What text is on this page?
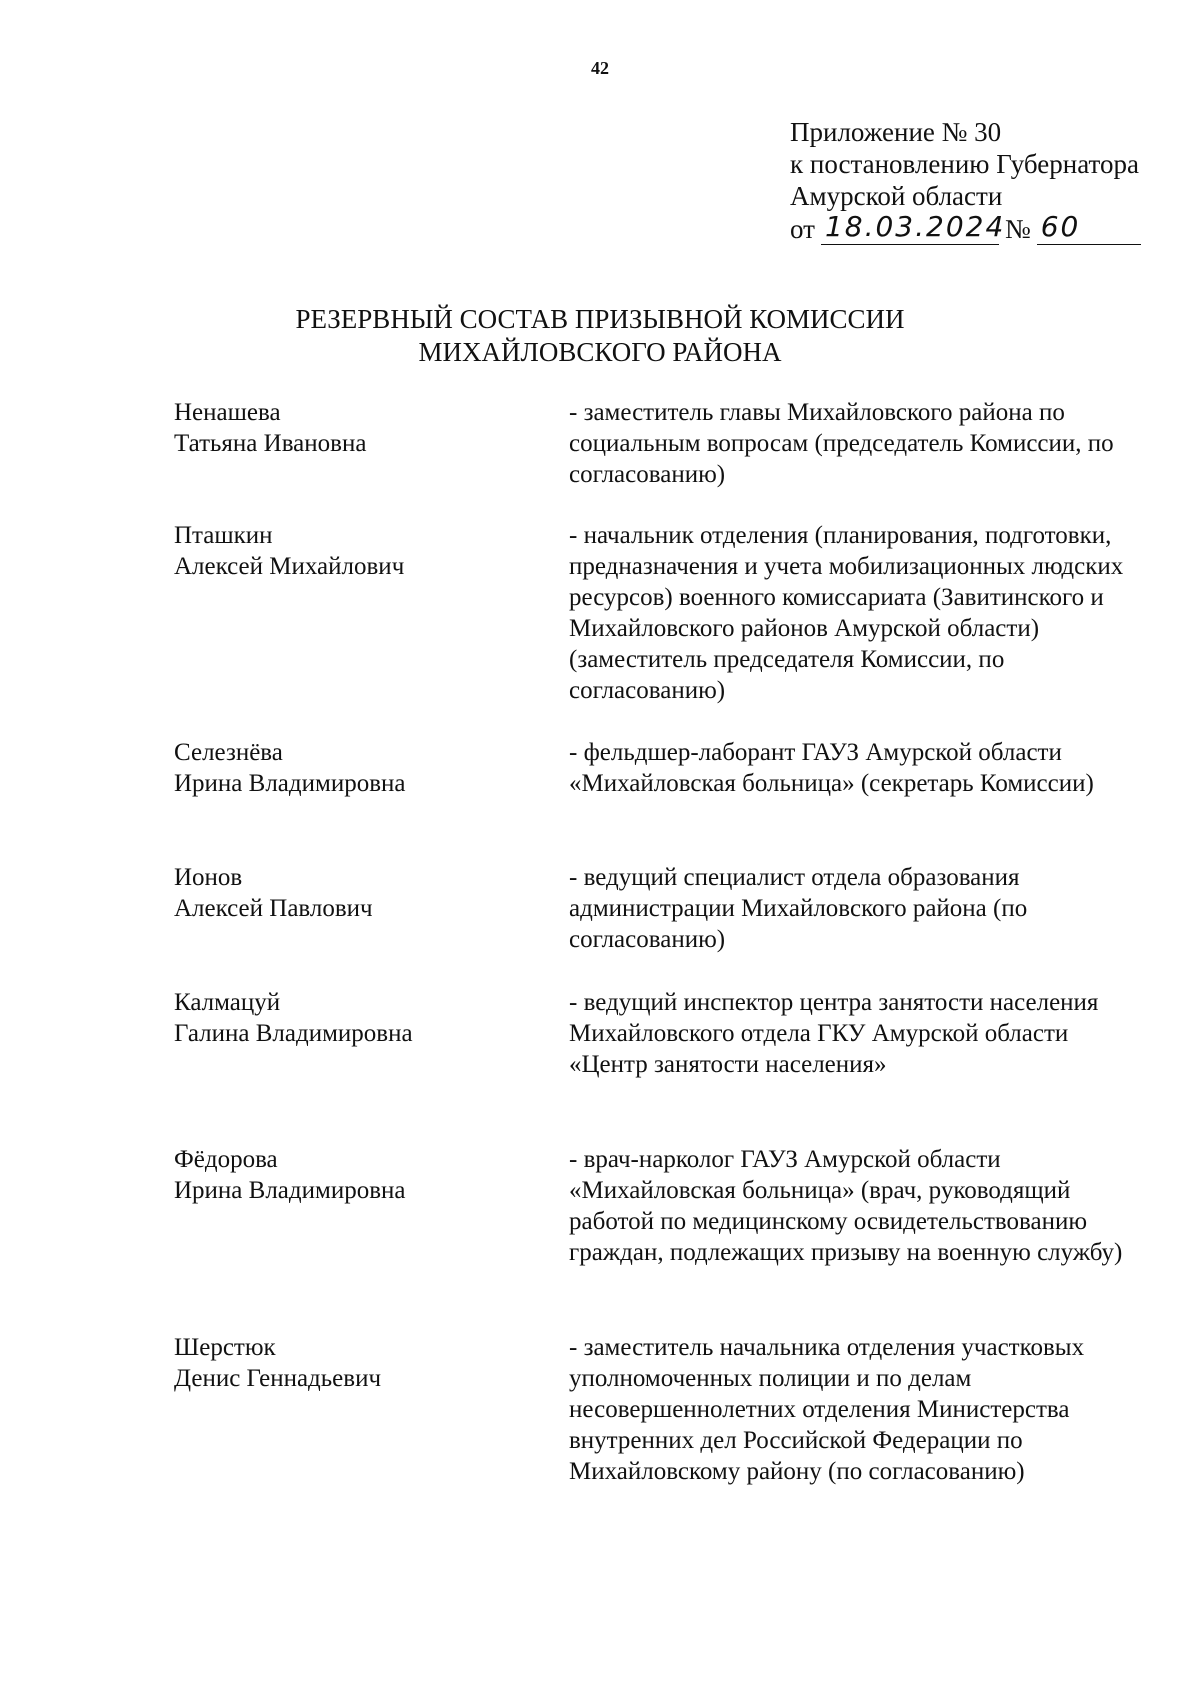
42
Приложение № 30
к постановлению Губернатора
Амурской области
от 18.03.2024 № 60
РЕЗЕРВНЫЙ СОСТАВ ПРИЗЫВНОЙ КОМИССИИ
МИХАЙЛОВСКОГО РАЙОНА
Ненашева
Татьяна Ивановна
- заместитель главы Михайловского района по социальным вопросам (председатель Комиссии, по согласованию)
Пташкин
Алексей Михайлович
- начальник отделения (планирования, подготовки, предназначения и учета мобилизационных людских ресурсов) военного комиссариата (Завитинского и Михайловского районов Амурской области) (заместитель председателя Комиссии, по согласованию)
Селезнёва
Ирина Владимировна
- фельдшер-лаборант ГАУЗ Амурской области «Михайловская больница» (секретарь Комиссии)
Ионов
Алексей Павлович
- ведущий специалист отдела образования администрации Михайловского района (по согласованию)
Калмацуй
Галина Владимировна
- ведущий инспектор центра занятости населения Михайловского отдела ГКУ Амурской области «Центр занятости населения»
Фёдорова
Ирина Владимировна
- врач-нарколог ГАУЗ Амурской области «Михайловская больница» (врач, руководящий работой по медицинскому освидетельствованию граждан, подлежащих призыву на военную службу)
Шерстюк
Денис Геннадьевич
- заместитель начальника отделения участковых уполномоченных полиции и по делам несовершеннолетних отделения Министерства внутренних дел Российской Федерации по Михайловскому району (по согласованию)
